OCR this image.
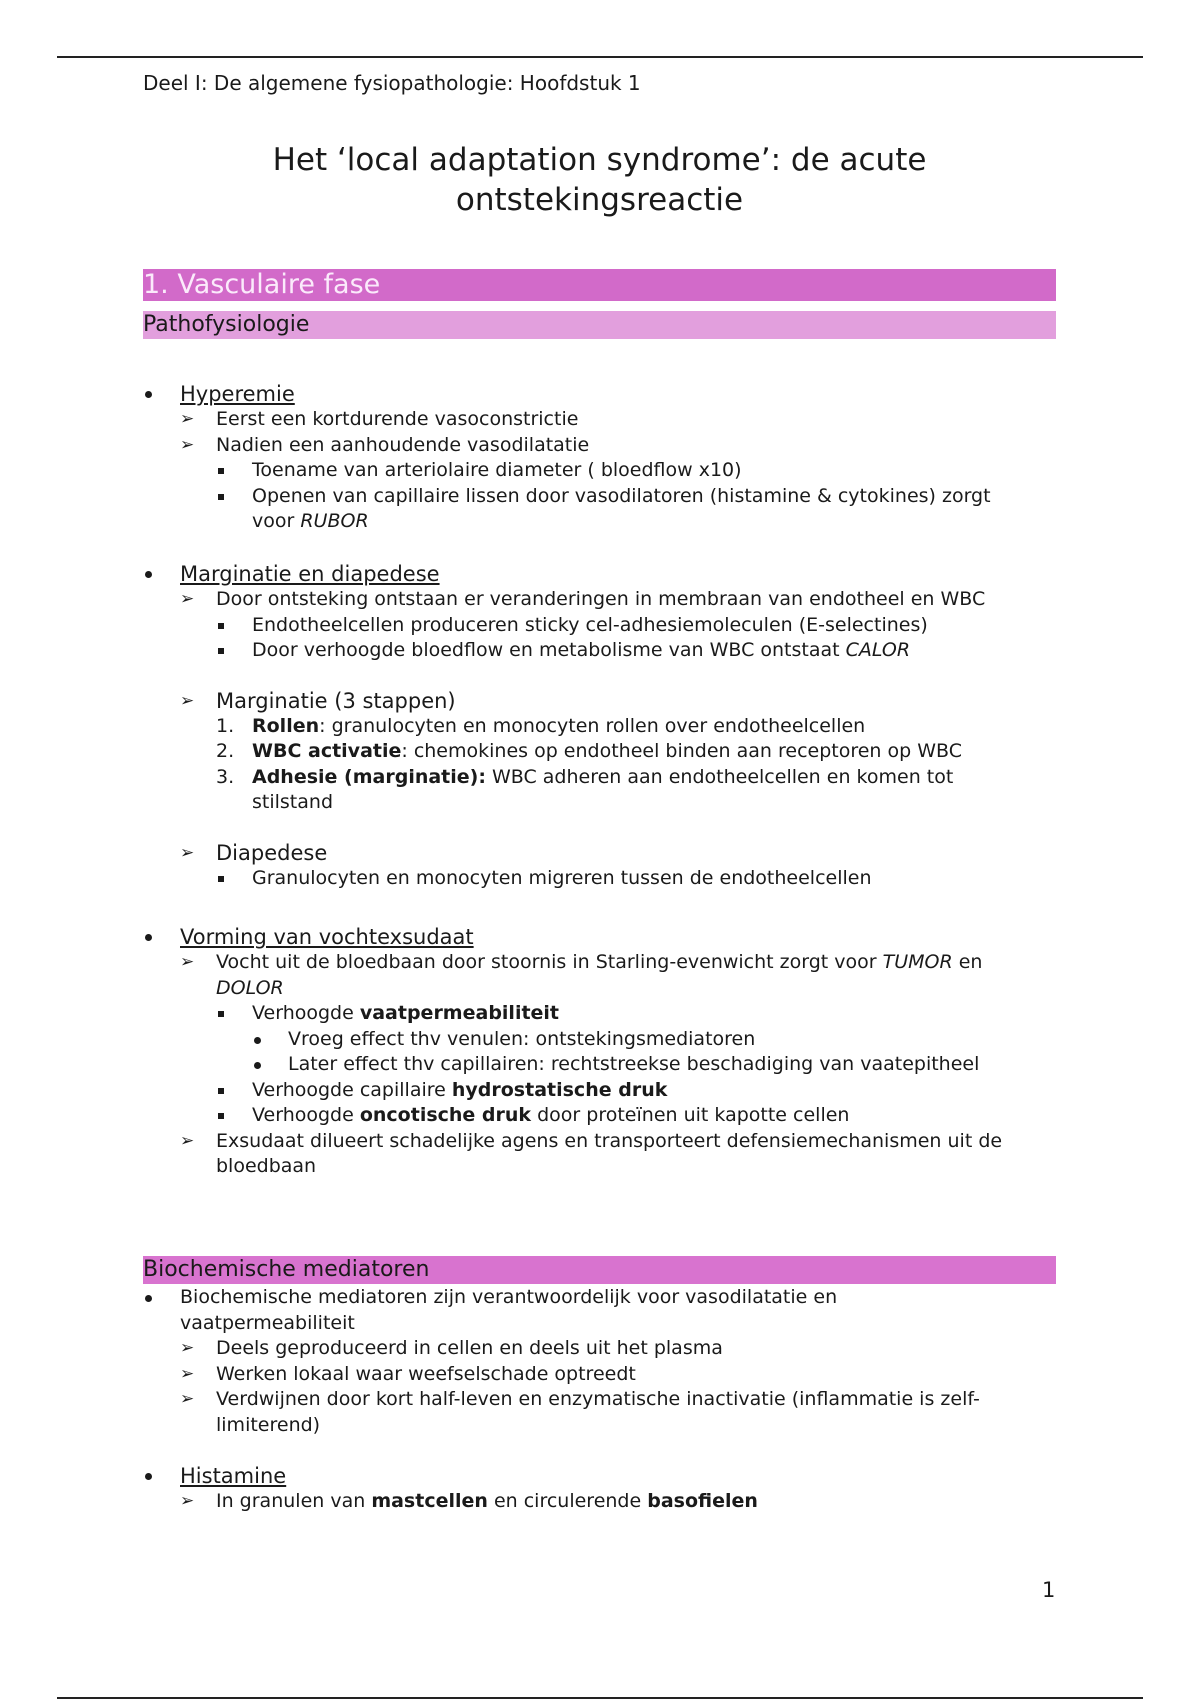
Deel I: De algemene fysiopathologie: Hoofdstuk 1
Het ‘local adaptation syndrome’: de acute
ontstekingsreactie
1. Vasculaire fase
Pathofysiologie
Hyperemie
➢ Eerst een kortdurende vasoconstrictie
➢ Nadien een aanhoudende vasodilatatie
Toename van arteriolaire diameter ( bloedflow x10)
Openen van capillaire lissen door vasodilatoren (histamine & cytokines) zorgt
voor RUBOR
Marginatie en diapedese
➢ Door ontsteking ontstaan er veranderingen in membraan van endotheel en WBC
Endotheelcellen produceren sticky cel-adhesiemoleculen (E-selectines)
Door verhoogde bloedflow en metabolisme van WBC ontstaat CALOR
➢ Marginatie (3 stappen)
1. Rollen: granulocyten en monocyten rollen over endotheelcellen
2. WBC activatie: chemokines op endotheel binden aan receptoren op WBC
3. Adhesie (marginatie): WBC adheren aan endotheelcellen en komen tot
stilstand
➢ Diapedese
Granulocyten en monocyten migreren tussen de endotheelcellen
Vorming van vochtexsudaat
➢ Vocht uit de bloedbaan door stoornis in Starling-evenwicht zorgt voor TUMOR en
DOLOR
Verhoogde vaatpermeabiliteit
Vroeg effect thv venulen: ontstekingsmediatoren
Later effect thv capillairen: rechtstreekse beschadiging van vaatepitheel
Verhoogde capillaire hydrostatische druk
Verhoogde oncotische druk door proteïnen uit kapotte cellen
➢ Exsudaat dilueert schadelijke agens en transporteert defensiemechanismen uit de
bloedbaan
Biochemische mediatoren
Biochemische mediatoren zijn verantwoordelijk voor vasodilatatie en
vaatpermeabiliteit
➢ Deels geproduceerd in cellen en deels uit het plasma
➢ Werken lokaal waar weefselschade optreedt
➢ Verdwijnen door kort half-leven en enzymatische inactivatie (inflammatie is zelf-
limiterend)
Histamine
➢ In granulen van mastcellen en circulerende basofielen
1
